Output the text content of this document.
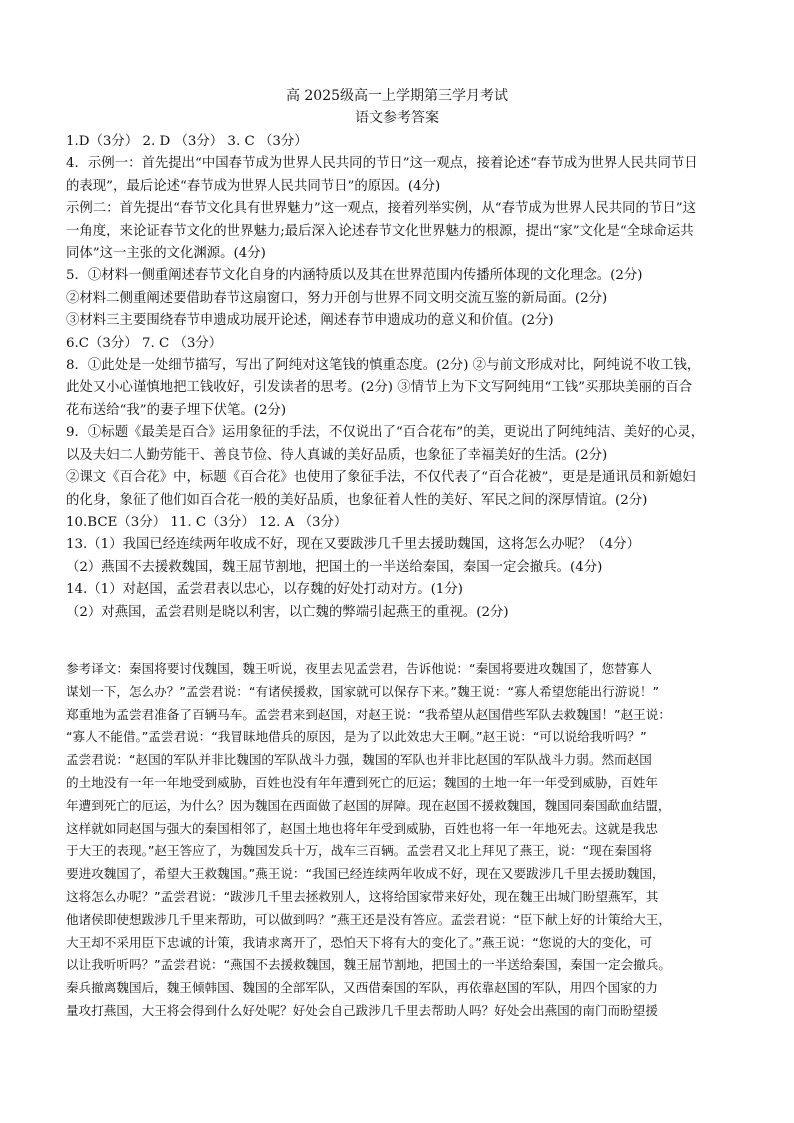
高 2025级高一上学期第三学月考试
语文参考答案
1.D（3分） 2. D （3分） 3. C （3分）
4．示例一：首先提出“中国春节成为世界人民共同的节日”这一观点，接着论述“春节成为世界人民共同节日
的表现”，最后论述“春节成为世界人民共同节日”的原因。(4分)
示例二：首先提出“春节文化具有世界魅力”这一观点，接着列举实例，从“春节成为世界人民共同的节日”这
一角度，来论证春节文化的世界魅力;最后深入论述春节文化世界魅力的根源，提出“家”文化是“全球命运共
同体”这一主张的文化渊源。(4分)
5．①材料一侧重阐述春节文化自身的内涵特质以及其在世界范围内传播所体现的文化理念。(2分)
②材料二侧重阐述要借助春节这扇窗口，努力开创与世界不同文明交流互鉴的新局面。(2分)
③材料三主要围绕春节申遗成功展开论述，阐述春节申遗成功的意义和价值。(2分)
6.C（3分） 7. C （3分）
8．①此处是一处细节描写，写出了阿纯对这笔钱的慎重态度。(2分) ②与前文形成对比，阿纯说不收工钱，
此处又小心谨慎地把工钱收好，引发读者的思考。(2分) ③情节上为下文写阿纯用“工钱”买那块美丽的百合
花布送给“我”的妻子埋下伏笔。(2分)
9．①标题《最美是百合》运用象征的手法，不仅说出了“百合花布”的美，更说出了阿纯纯洁、美好的心灵，
以及夫妇二人勤劳能干、善良节俭、待人真诚的美好品质，也象征了幸福美好的生活。(2分)
②课文《百合花》中，标题《百合花》也使用了象征手法，不仅代表了“百合花被”，更是是通讯员和新媳妇
的化身，象征了他们如百合花一般的美好品质，也象征着人性的美好、军民之间的深厚情谊。(2分)
10.BCE（3分） 11. C（3分） 12. A （3分）
13.（1）我国已经连续两年收成不好，现在又要跋涉几千里去援助魏国，这将怎么办呢？（4分）
（2）燕国不去援救魏国，魏王屈节割地，把国土的一半送给秦国，秦国一定会撤兵。(4分)
14.（1）对赵国，孟尝君表以忠心，以存魏的好处打动对方。(1分)
（2）对燕国，孟尝君则是晓以利害，以亡魏的弊端引起燕王的重视。(2分)
参考译文：秦国将要讨伐魏国，魏王听说，夜里去见孟尝君，告诉他说：“秦国将要进攻魏国了，您替寡人
谋划一下，怎么办？”孟尝君说：“有诸侯援救，国家就可以保存下来。”魏王说：“寡人希望您能出行游说！”
郑重地为孟尝君准备了百辆马车。孟尝君来到赵国，对赵王说：“我希望从赵国借些军队去救魏国！”赵王说：
“寡人不能借。”孟尝君说：“我冒昧地借兵的原因，是为了以此效忠大王啊。”赵王说：“可以说给我听吗？”
孟尝君说：“赵国的军队并非比魏国的军队战斗力强，魏国的军队也并非比赵国的军队战斗力弱。然而赵国
的土地没有一年一年地受到威胁，百姓也没有年年遭到死亡的厄运；魏国的土地一年一年受到威胁，百姓年
年遭到死亡的厄运，为什么？因为魏国在西面做了赵国的屏障。现在赵国不援救魏国，魏国同秦国歃血结盟，
这样就如同赵国与强大的秦国相邻了，赵国土地也将年年受到威胁，百姓也将一年一年地死去。这就是我忠
于大王的表现。”赵王答应了，为魏国发兵十万，战车三百辆。孟尝君又北上拜见了燕王，说：“现在秦国将
要进攻魏国了，希望大王救魏国。”燕王说：“我国已经连续两年收成不好，现在又要跋涉几千里去援助魏国，
这将怎么办呢？”孟尝君说：“跋涉几千里去拯救别人，这将给国家带来好处，现在魏王出城门盼望燕军，其
他诸侯即使想跋涉几千里来帮助，可以做到吗？”燕王还是没有答应。孟尝君说：“臣下献上好的计策给大王，
大王却不采用臣下忠诚的计策，我请求离开了，恐怕天下将有大的变化了。”燕王说：“您说的大的变化，可
以让我听听吗？”孟尝君说：“燕国不去援救魏国，魏王屈节割地，把国土的一半送给秦国，秦国一定会撤兵。
秦兵撤离魏国后，魏王倾韩国、魏国的全部军队，又西借秦国的军队，再依靠赵国的军队，用四个国家的力
量攻打燕国，大王将会得到什么好处呢？好处会自己跋涉几千里去帮助人吗？好处会出燕国的南门而盼望援
